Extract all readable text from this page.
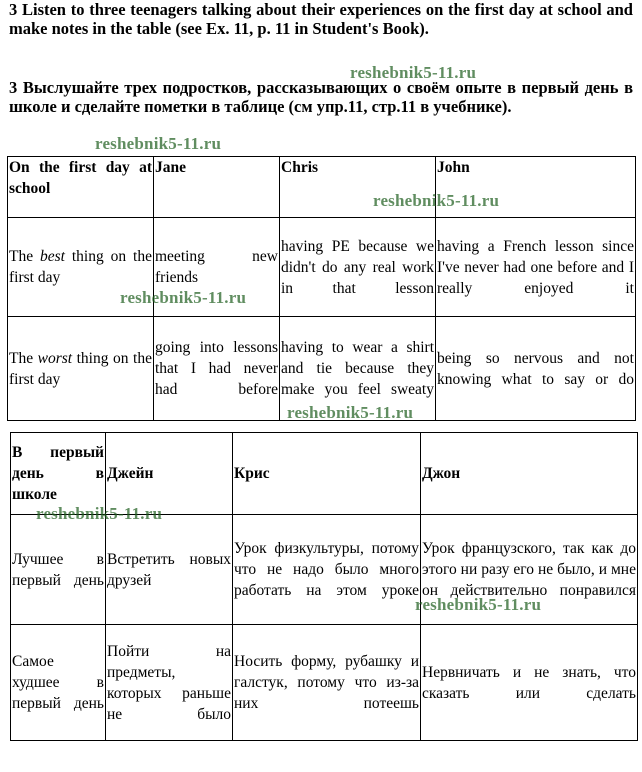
3 Listen to three teenagers talking about their experiences on the first day at school and make notes in the table (see Ex. 11, p. 11 in Student's Book).

3 Выслушайте трех подростков, рассказывающих о своём опыте в первый день в школе и сделайте пометки в таблице (см упр.11, стр.11 в учебнике).

On the first day at school	Jane	Chris	John
The best thing on the first day	meeting new friends	having PE because we didn't do any real work in that lesson	having a French lesson since I've never had one before and I really enjoyed it
The worst thing on the first day	going into lessons that I had never had before	having to wear a shirt and tie because they make you feel sweaty	being so nervous and not knowing what to say or do
В первый день в школе	Джейн	Крис	Джон
Лучшее в первый день	Встретить новых друзей	Урок физкультуры, потому что не надо было много работать на этом уроке	Урок французского, так как до этого ни разу его не было, и мне он действительно понравился
Самое худшее в первый день	Пойти на предметы, которых раньше не было	Носить форму, рубашку и галстук, потому что из-за них потеешь	Нервничать и не знать, что сказать или сделать
reshebnik5-11.ru
reshebnik5-11.ru
reshebnik5-11.ru
reshebnik5-11.ru
reshebnik5-11.ru
reshebnik5-11.ru
reshebnik5-11.ru
